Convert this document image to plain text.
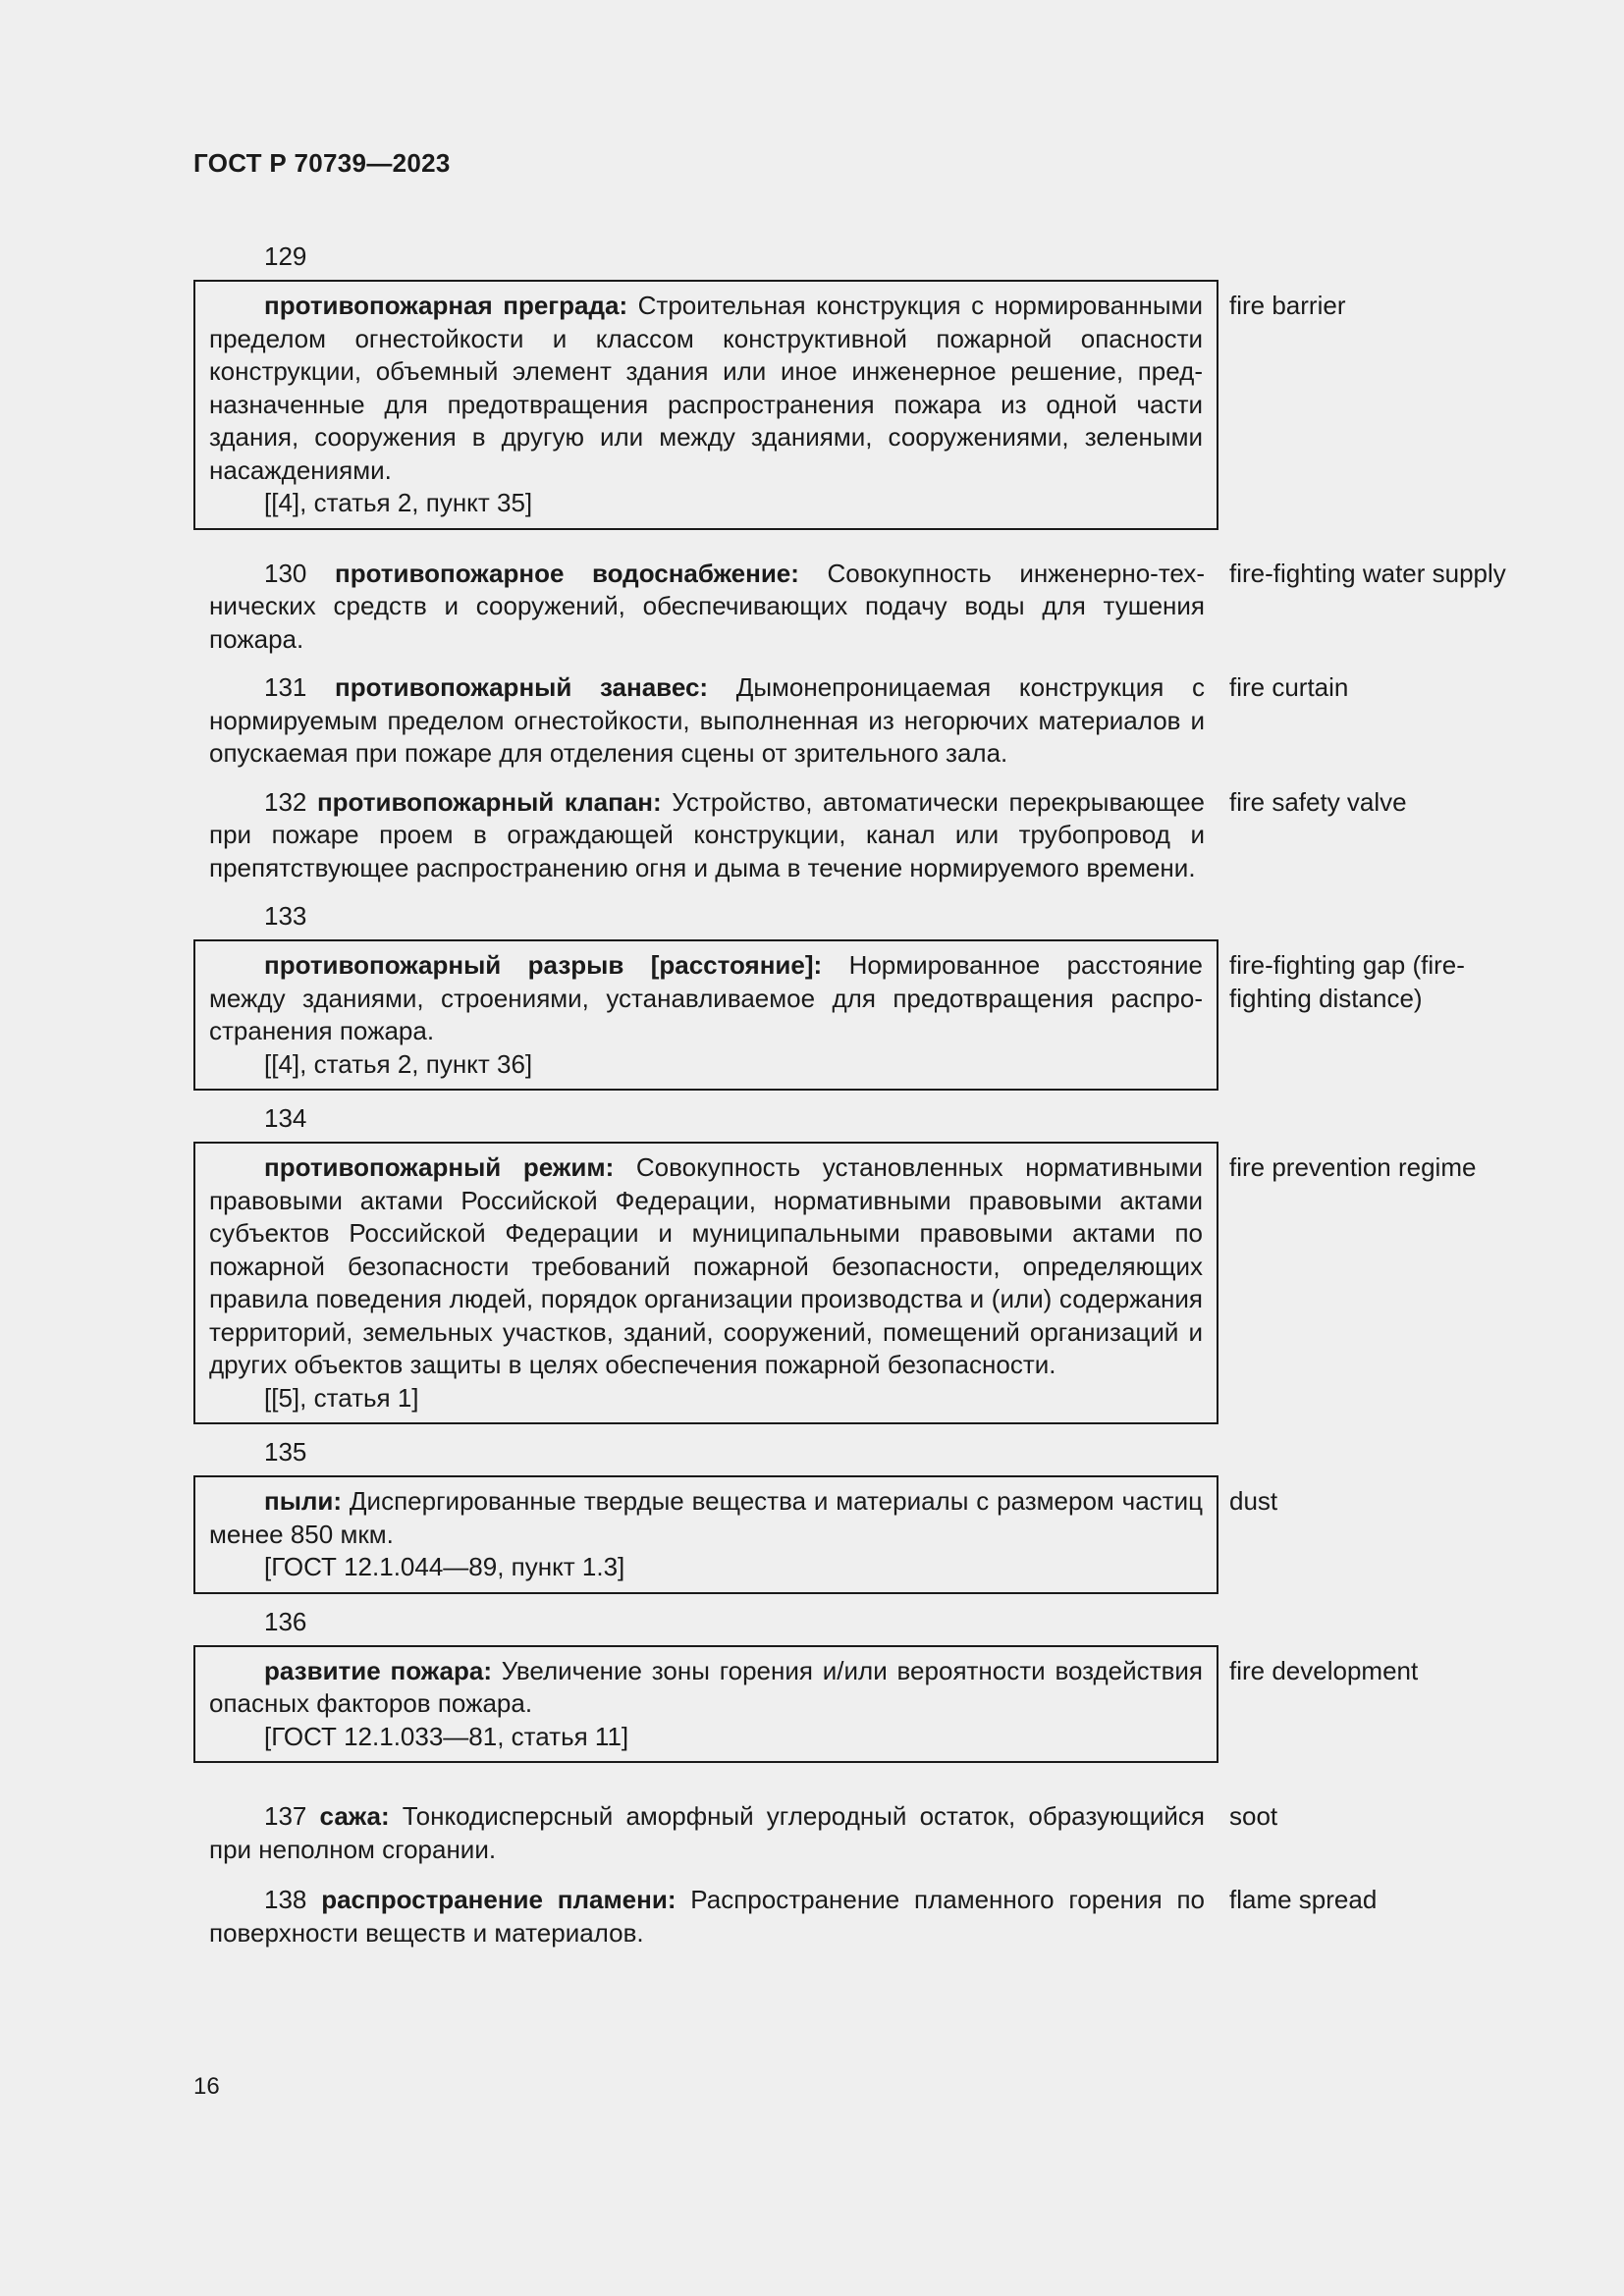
ГОСТ Р 70739—2023
129

противопожарная преграда: Строительная конструкция с нормированными пределом огнестойкости и классом конструктивной пожарной опасности конструкции, объемный элемент здания или иное инженерное решение, предназначенные для предотвращения распространения пожара из одной части здания, сооружения в другую или между зданиями, сооружениями, зелеными насаждениями.

[[4], статья 2, пункт 35]

fire barrier

130 противопожарное водоснабжение: Совокупность инженерно-технических средств и сооружений, обеспечивающих подачу воды для тушения пожара.

fire-fighting water supply

131 противопожарный занавес: Дымонепроницаемая конструкция с нормируемым пределом огнестойкости, выполненная из негорючих материалов и опускаемая при пожаре для отделения сцены от зрительного зала.

fire curtain

132 противопожарный клапан: Устройство, автоматически перекрывающее при пожаре проем в ограждающей конструкции, канал или трубопровод и препятствующее распространению огня и дыма в течение нормируемого времени.

fire safety valve
133

противопожарный разрыв [расстояние]: Нормированное расстояние между зданиями, строениями, устанавливаемое для предотвращения распространения пожара.

[[4], статья 2, пункт 36]

fire-fighting gap (fire-fighting distance)
134

противопожарный режим: Совокупность установленных нормативными правовыми актами Российской Федерации, нормативными правовыми актами субъектов Российской Федерации и муниципальными правовыми актами по пожарной безопасности требований пожарной безопасности, определяющих правила поведения людей, порядок организации производства и (или) содержания территорий, земельных участков, зданий, сооружений, помещений организаций и других объектов защиты в целях обеспечения пожарной безопасности.

[[5], статья 1]

fire prevention regime
135

пыли: Диспергированные твердые вещества и материалы с размером частиц менее 850 мкм.

[ГОСТ 12.1.044—89, пункт 1.3]

dust
136

развитие пожара: Увеличение зоны горения и/или вероятности воздействия опасных факторов пожара.

[ГОСТ 12.1.033—81, статья 11]

fire development

137 сажа: Тонкодисперсный аморфный углеродный остаток, образующийся при неполном сгорании.

soot

138 распространение пламени: Распространение пламенного горения по поверхности веществ и материалов.

flame spread
16
